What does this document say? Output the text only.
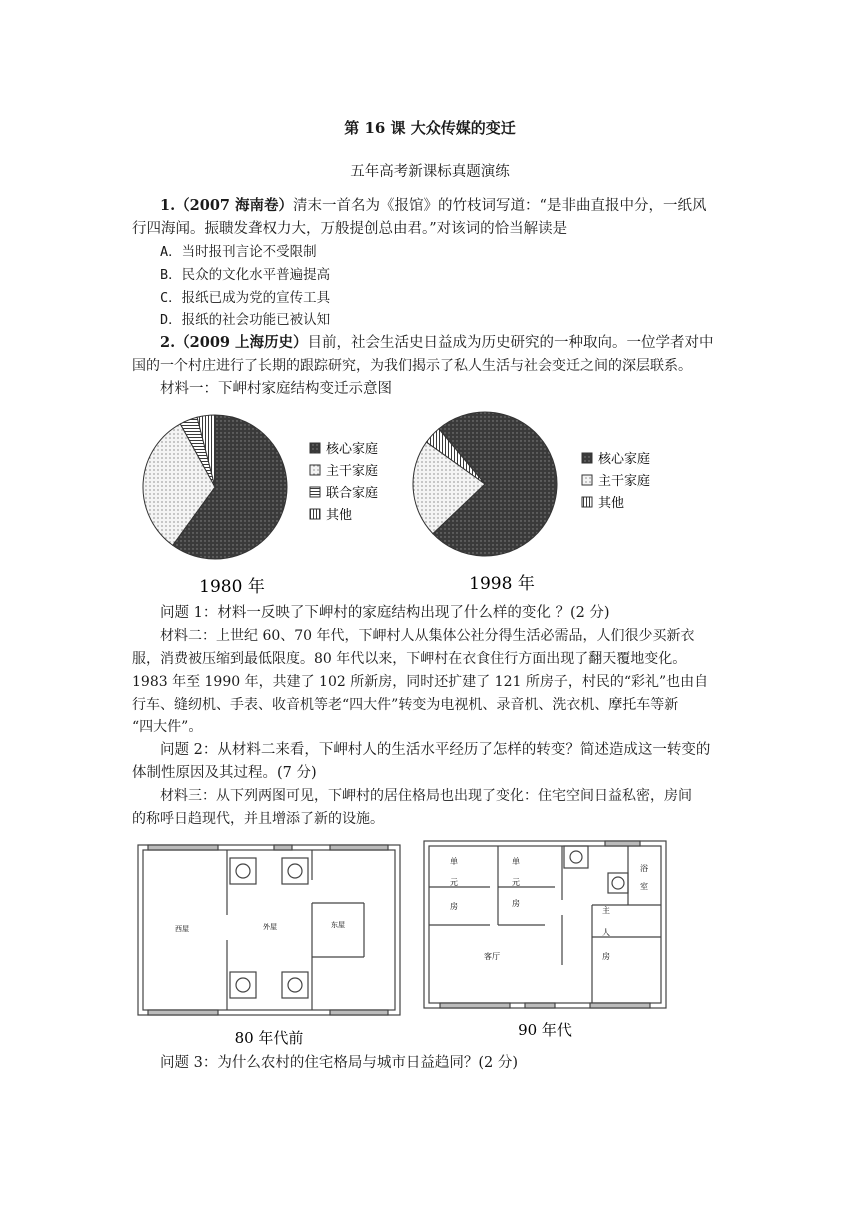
第 16 课 大众传媒的变迁
五年高考新课标真题演练
1.（2007 海南卷）清末一首名为《报馆》的竹枝词写道：“是非曲直报中分，一纸风
行四海闻。振聩发聋权力大，万般提创总由君。”对该词的恰当解读是
A．当时报刊言论不受限制
B．民众的文化水平普遍提高
C．报纸已成为党的宣传工具
D．报纸的社会功能已被认知
2.（2009 上海历史）目前，社会生活史日益成为历史研究的一种取向。一位学者对中
国的一个村庄进行了长期的跟踪研究，为我们揭示了私人生活与社会变迁之间的深层联系。
材料一：下岬村家庭结构变迁示意图
核心家庭
主干家庭
联合家庭
其他
核心家庭
主干家庭
其他
1980 年	1998 年
问题 1：材料一反映了下岬村的家庭结构出现了什么样的变化 ？(2 分)
材料二：上世纪 60、70 年代，下岬村人从集体公社分得生活必需品，人们很少买新衣
服，消费被压缩到最低限度。80 年代以来，下岬村在衣食住行方面出现了翻天覆地变化。
1983 年至 1990 年，共建了 102 所新房，同时还扩建了 121 所房子，村民的“彩礼”也由自
行车、缝纫机、手表、收音机等老“四大件”转变为电视机、录音机、洗衣机、摩托车等新
“四大件”。
问题 2：从材料二来看，下岬村人的生活水平经历了怎样的转变？简述造成这一转变的
体制性原因及其过程。(7 分)
材料三：从下列两图可见，下岬村的居住格局也出现了变化：住宅空间日益私密，房间
的称呼日趋现代，并且增添了新的设施。
西屋	外屋	东屋
80 年代前
单
元
房
单
元
房
客厅
浴
室
主
人
房
90 年代
问题 3：为什么农村的住宅格局与城市日益趋同？(2 分)
